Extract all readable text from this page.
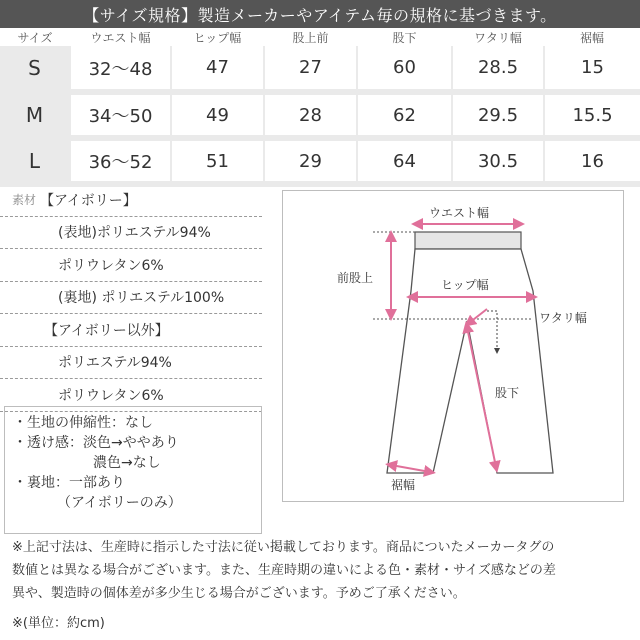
【サイズ規格】製造メーカーやアイテム毎の規格に基づきます。
サイズ	ウエスト幅	ヒップ幅	股上前	股下	ワタリ幅	裾幅
S	32〜48	47	27	60	28.5	15
M	34〜50	49	28	62	29.5	15.5
L	36〜52	51	29	64	30.5	16
素材 【アイボリー】
(表地)ポリエステル94%
ポリウレタン6%
(裏地) ポリエステル100%
【アイボリー以外】
ポリエステル94%
ポリウレタン6%
・生地の伸縮性：なし
・透け感：淡色→ややあり
濃色→なし
・裏地：一部あり
（アイボリーのみ）
ウエスト幅
前股上	ヒップ幅
ワタリ幅
股下
裾幅
※上記寸法は、生産時に指示した寸法に従い掲載しております。商品についたメーカータグの
数値とは異なる場合がございます。また、生産時期の違いによる色・素材・サイズ感などの差
異や、製造時の個体差が多少生じる場合がございます。予めご了承ください。
※(単位：約cm)
